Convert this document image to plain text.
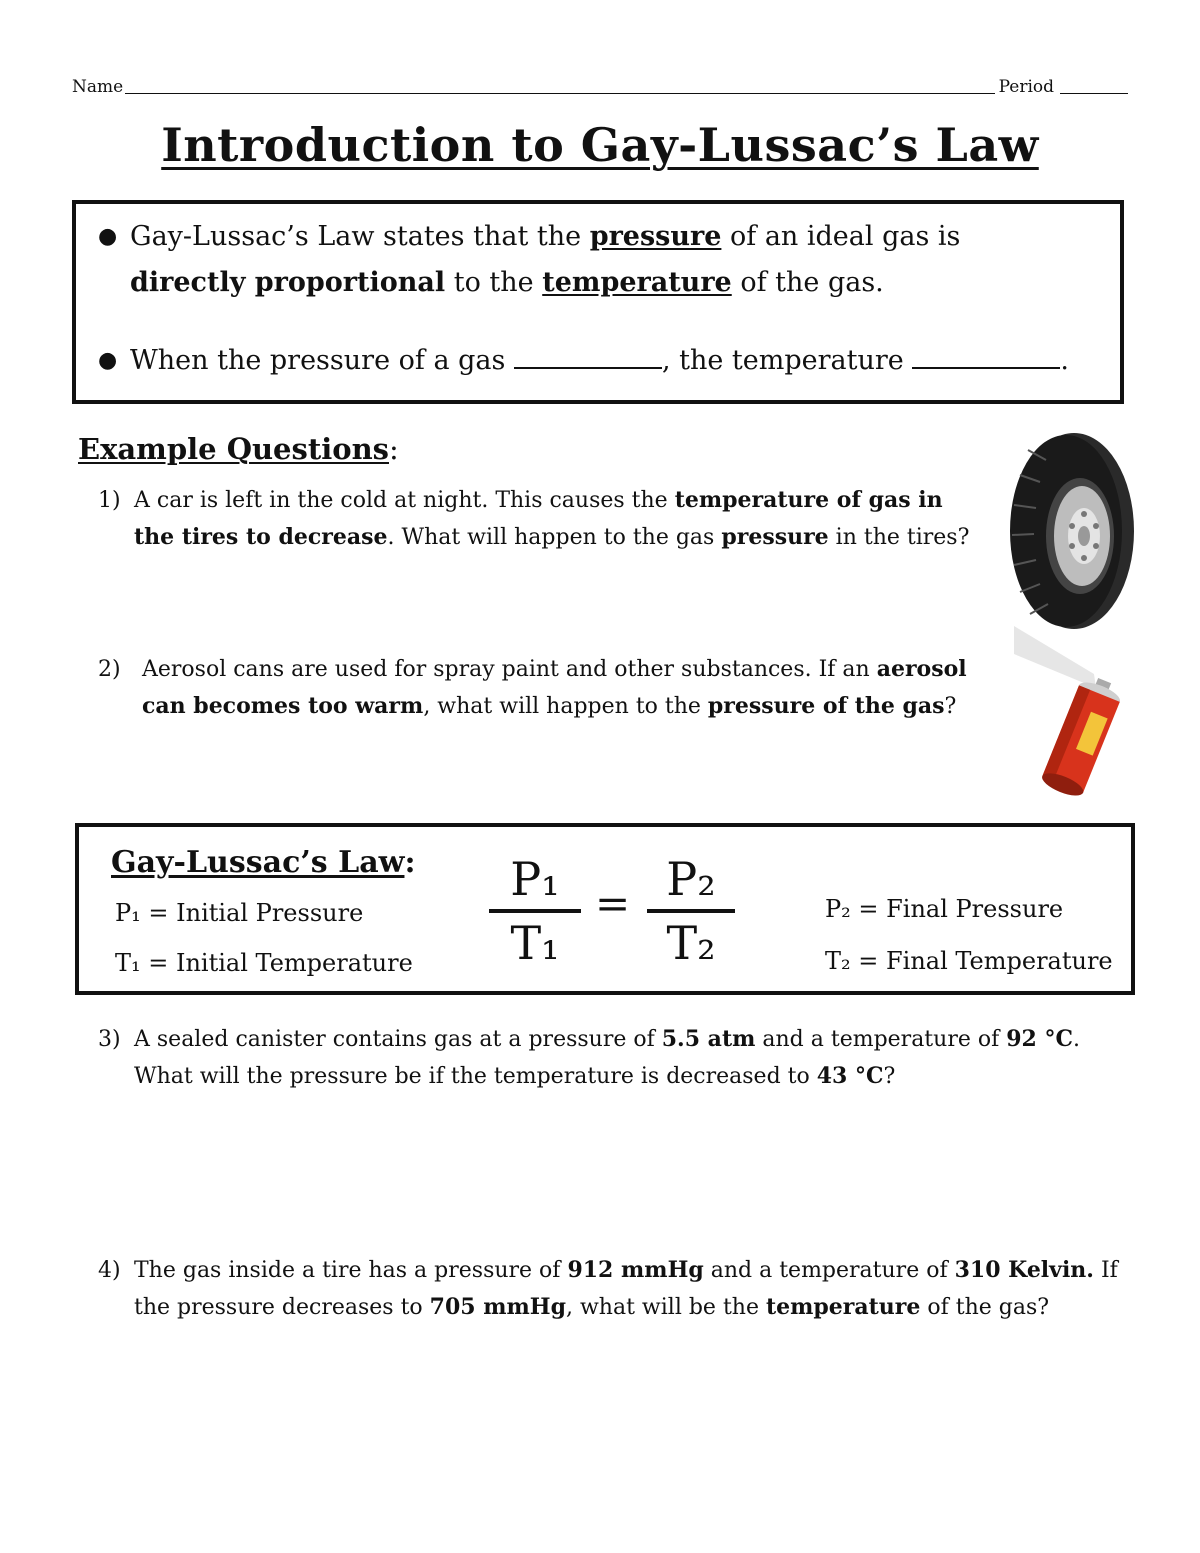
Name	Period
Introduction to Gay-Lussac’s Law
● Gay-Lussac’s Law states that the pressure of an ideal gas is
directly proportional to the temperature of the gas.
● When the pressure of a gas	, the temperature	.
Example Questions:
1) A car is left in the cold at night. This causes the temperature of gas in the tires to decrease. What will happen to the gas pressure in the tires?
2) Aerosol cans are used for spray paint and other substances. If an aerosol can becomes too warm, what will happen to the pressure of the gas?
Gay-Lussac’s Law:
P₁ = Initial Pressure
T₁ = Initial Temperature
P₁
T₁
= P₂
T₂
P₂ = Final Pressure
T₂ = Final Temperature
3) A sealed canister contains gas at a pressure of 5.5 atm and a temperature of 92 °C. What will the pressure be if the temperature is decreased to 43 °C?
4) The gas inside a tire has a pressure of 912 mmHg and a temperature of 310 Kelvin. If the pressure decreases to 705 mmHg, what will be the temperature of the gas?
